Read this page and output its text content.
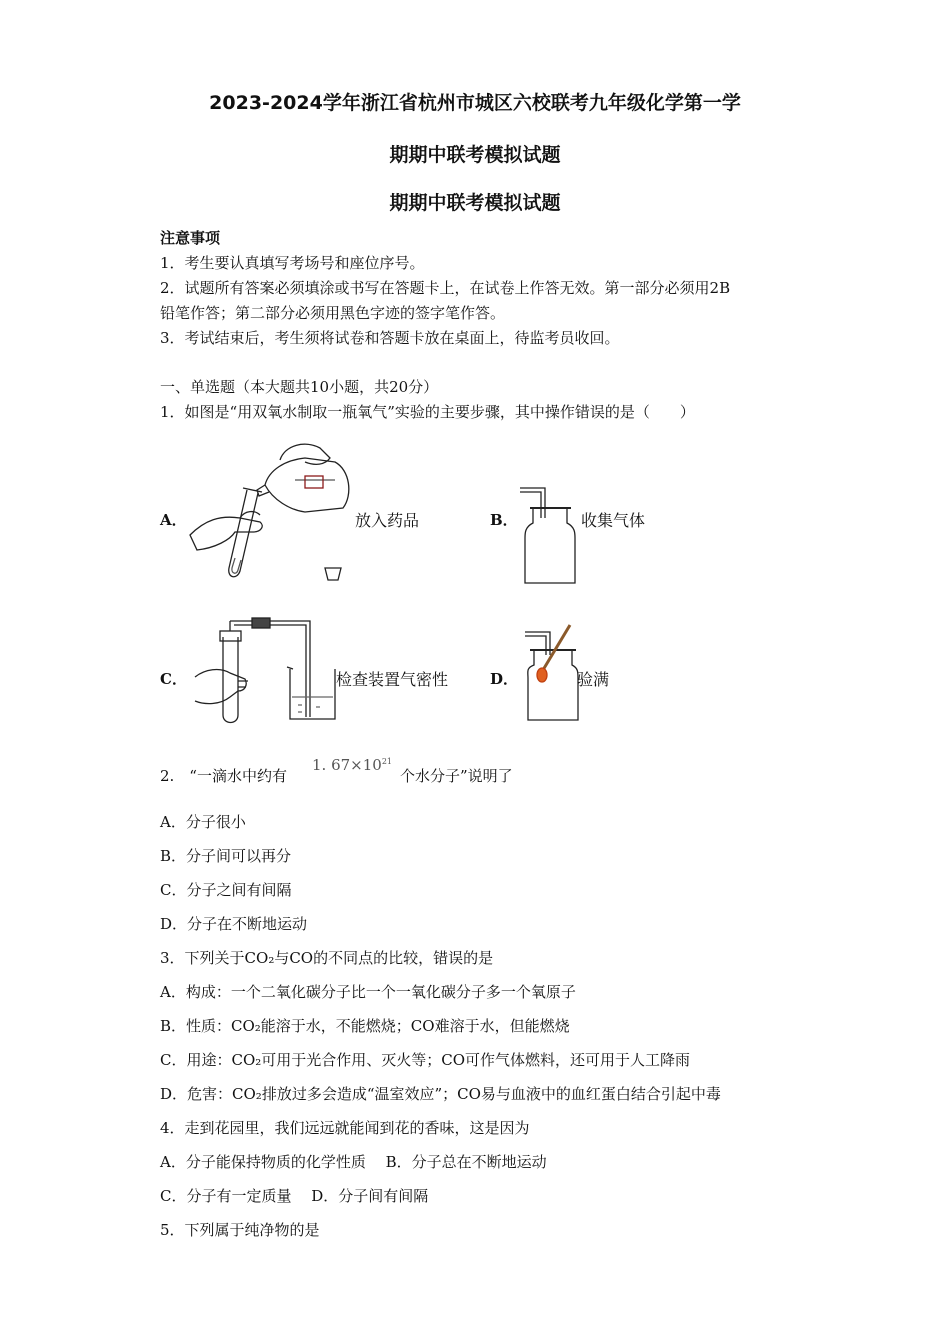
2023-2024学年浙江省杭州市城区六校联考九年级化学第一学
期期中联考模拟试题
期期中联考模拟试题
注意事项
1．考生要认真填写考场号和座位序号。
2．试题所有答案必须填涂或书写在答题卡上，在试卷上作答无效。第一部分必须用2B
铅笔作答；第二部分必须用黑色字迹的签字笔作答。
3．考试结束后，考生须将试卷和答题卡放在桌面上，待监考员收回。
一、单选题（本大题共10小题，共20分）
1．如图是“用双氧水制取一瓶氧气”实验的主要步骤，其中操作错误的是（　　）
A．	放入药品	B．	收集气体
C．	检查装置气密性	D．	验满
2.　“一滴水中约有
1. $67\times 10^{21}$
个水分子”说明了
A．分子很小
B．分子间可以再分
C．分子之间有间隔
D．分子在不断地运动
3．下列关于CO₂与CO的不同点的比较，错误的是
A．构成：一个二氧化碳分子比一个一氧化碳分子多一个氧原子
B．性质：CO₂能溶于水，不能燃烧；CO难溶于水，但能燃烧
C．用途：CO₂可用于光合作用、灭火等；CO可作气体燃料，还可用于人工降雨
D．危害：CO₂排放过多会造成“温室效应”；CO易与血液中的血红蛋白结合引起中毒
4．走到花园里，我们远远就能闻到花的香味，这是因为
A．分子能保持物质的化学性质　 B．分子总在不断地运动
C．分子有一定质量　 D．分子间有间隔
5．下列属于纯净物的是
